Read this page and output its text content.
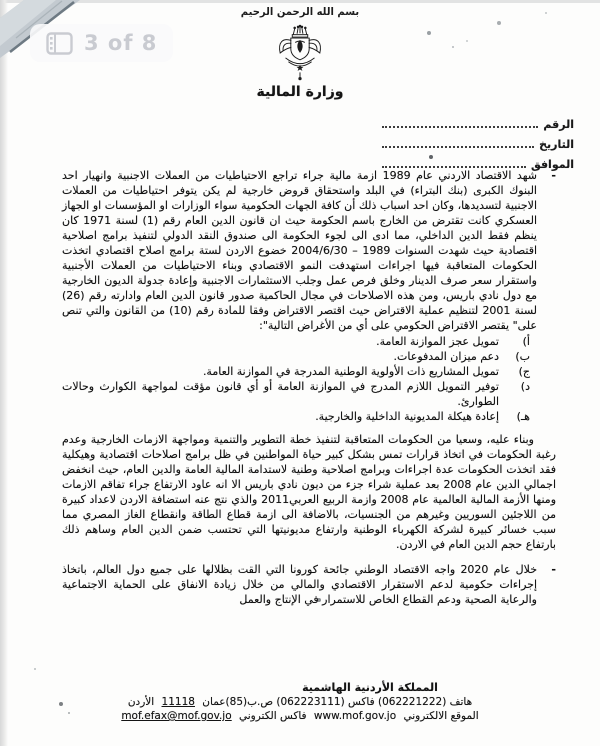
3 of 8
بسم الله الرحمن الرحيم
وزارة المالية
الرقم
التاريخ
الموافق
-

شهد الاقتصاد الاردني عام 1989 ازمة مالية جراء تراجع الاحتياطيات من العملات الاجنبية وانهيار احد البنوك الكبرى (بنك البتراء) في البلد واستحقاق قروض خارجية لم يكن يتوفر احتياطيات من العملات الاجنبية لتسديدها، وكان احد اسباب ذلك أن كافة الجهات الحكومية سواء الوزارات او المؤسسات او الجهاز العسكري كانت تقترض من الخارج باسم الحكومة حيث ان قانون الدين العام رقم (1) لسنة 1971 كان ينظم فقط الدين الداخلي، مما ادى الى لجوء الحكومة الى صندوق النقد الدولي لتنفيذ برامج اصلاحية اقتصادية حيث شهدت السنوات 1989 – 2004/6/30 خضوع الاردن لستة برامج اصلاح اقتصادي اتخذت الحكومات المتعاقبة فيها اجراءات استهدفت النمو الاقتصادي وبناء الاحتياطيات من العملات الأجنبية واستقرار سعر صرف الدينار وخلق فرص عمل وجلب الاستثمارات الاجنبية وإعادة جدولة الديون الخارجية مع دول نادي باريس، ومن هذه الاصلاحات في مجال الحاكمية صدور قانون الدين العام وادارته رقم (26) لسنة 2001 لتنظيم عملية الاقتراض حيث اقتصر الاقتراض وفقا للمادة رقم (10) من القانون والتي تنص على" يقتصر الاقتراض الحكومي على أي من الأغراض التالية":

أ)
تمويل عجز الموازنة العامة.
ب)
دعم ميزان المدفوعات.
ج)
تمويل المشاريع ذات الأولوية الوطنية المدرجة في الموازنة العامة.
د)
توفير التمويل اللازم المدرج في الموازنة العامة أو أي قانون مؤقت لمواجهة الكوارث وحالات الطوارئ.
هـ)
إعادة هيكلة المديونية الداخلية والخارجية.

وبناء عليه، وسعيا من الحكومات المتعاقبة لتنفيذ خطة التطوير والتنمية ومواجهة الازمات الخارجية وعدم رغبة الحكومات في اتخاذ قرارات تمس بشكل كبير حياة المواطنين في ظل برامج اصلاحات اقتصادية وهيكلية فقد اتخذت الحكومات عدة اجراءات وبرامج اصلاحية وطنية لاستدامة المالية العامة والدين العام، حيث انخفض اجمالي الدين عام 2008 بعد عملية شراء جزء من ديون نادي باريس الا انه عاود الارتفاع جراء تفاقم الازمات ومنها الأزمة المالية العالمية عام 2008 وازمة الربيع العربي2011 والذي نتج عنه استضافة الاردن لاعداد كبيرة من اللاجئين السوريين وغيرهم من الجنسيات، بالاضافة الى ازمة قطاع الطاقة وانقطاع الغاز المصري مما سبب خسائر كبيرة لشركة الكهرباء الوطنية وارتفاع مديونيتها التي تحتسب ضمن الدين العام وساهم ذلك بارتفاع حجم الدين العام في الاردن.

-

خلال عام 2020 واجه الاقتصاد الوطني جائحة كورونا التي القت بظلالها على جميع دول العالم، باتخاذ إجراءات حكومية لدعم الاستقرار الاقتصادي والمالي من خلال زيادة الانفاق على الحماية الاجتماعية والرعاية الصحية ودعم القطاع الخاص للاستمرار في الإنتاج والعمل

المملكة الأردنية الهاشمية
هاتف (062221222) فاكس (062223111) ص.ب(85)عمان 11118 الأردن
الموقع الالكتروني www.mof.gov.jo فاكس الكتروني mof.efax@mof.gov.jo
